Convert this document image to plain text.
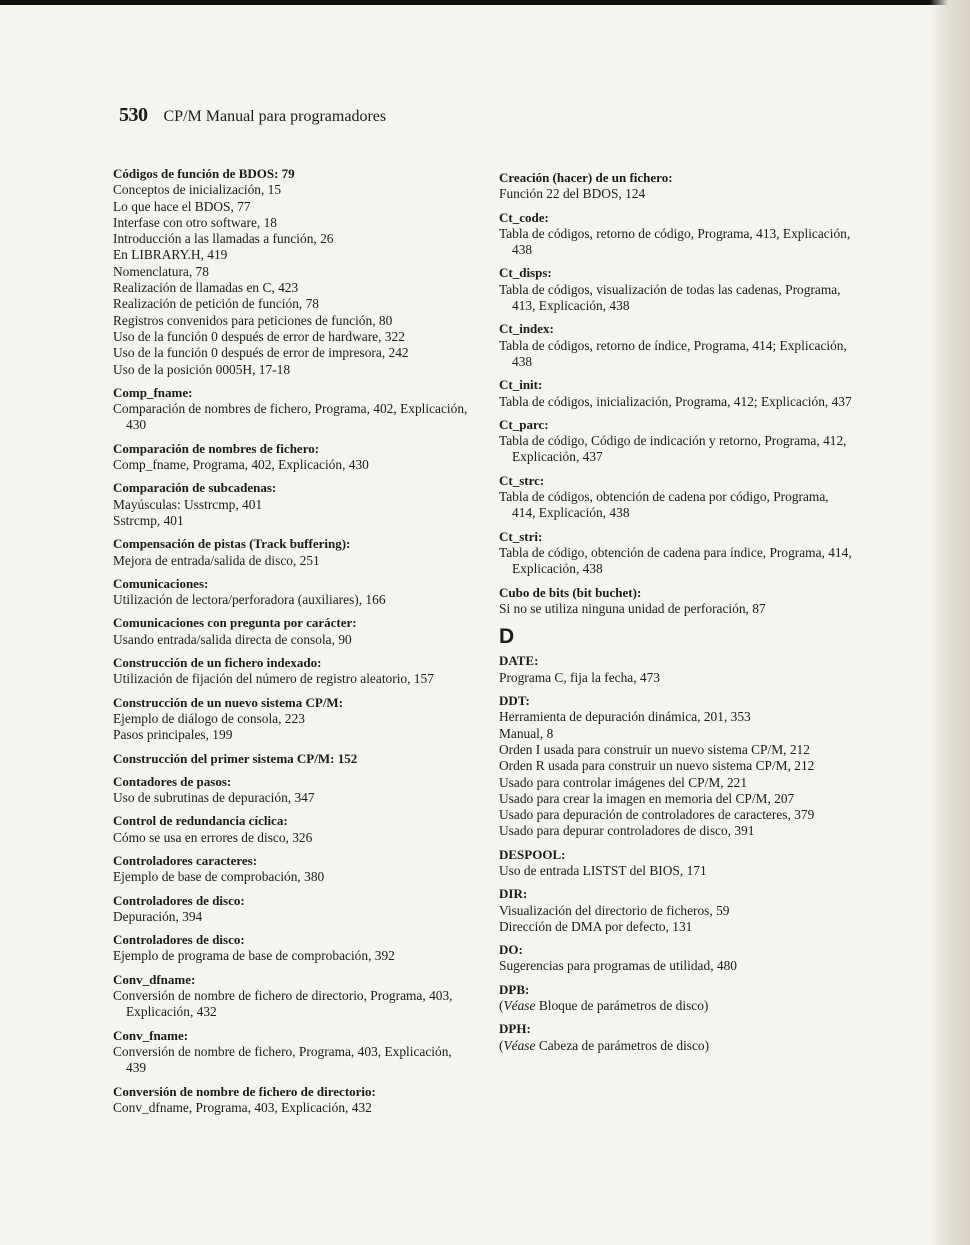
530 CP/M Manual para programadores
Códigos de función de BDOS: 79
Conceptos de inicialización, 15
Lo que hace el BDOS, 77
Interfase con otro software, 18
Introducción a las llamadas a función, 26
En LIBRARY.H, 419
Nomenclatura, 78
Realización de llamadas en C, 423
Realización de petición de función, 78
Registros convenidos para peticiones de función, 80
Uso de la función 0 después de error de hardware, 322
Uso de la función 0 después de error de impresora, 242
Uso de la posición 0005H, 17-18
Comp_fname:
Comparación de nombres de fichero, Programa, 402, Explicación, 430
Comparación de nombres de fichero:
Comp_fname, Programa, 402, Explicación, 430
Comparación de subcadenas:
Mayúsculas: Usstrcmp, 401
Sstrcmp, 401
Compensación de pistas (Track buffering):
Mejora de entrada/salida de disco, 251
Comunicaciones:
Utilización de lectora/perforadora (auxiliares), 166
Comunicaciones con pregunta por carácter:
Usando entrada/salida directa de consola, 90
Construcción de un fichero indexado:
Utilización de fijación del número de registro aleatorio, 157
Construcción de un nuevo sistema CP/M:
Ejemplo de diálogo de consola, 223
Pasos principales, 199
Construcción del primer sistema CP/M: 152
Contadores de pasos:
Uso de subrutinas de depuración, 347
Control de redundancia cíclica:
Cómo se usa en errores de disco, 326
Controladores caracteres:
Ejemplo de base de comprobación, 380
Controladores de disco:
Depuración, 394
Controladores de disco:
Ejemplo de programa de base de comprobación, 392
Conv_dfname:
Conversión de nombre de fichero de directorio, Programa, 403, Explicación, 432
Conv_fname:
Conversión de nombre de fichero, Programa, 403, Explicación, 439
Conversión de nombre de fichero de directorio:
Conv_dfname, Programa, 403, Explicación, 432
Creación (hacer) de un fichero:
Función 22 del BDOS, 124
Ct_code:
Tabla de códigos, retorno de código, Programa, 413, Explicación, 438
Ct_disps:
Tabla de códigos, visualización de todas las cadenas, Programa, 413, Explicación, 438
Ct_index:
Tabla de códigos, retorno de índice, Programa, 414; Explicación, 438
Ct_init:
Tabla de códigos, inicialización, Programa, 412; Explicación, 437
Ct_parc:
Tabla de código, Código de indicación y retorno, Programa, 412, Explicación, 437
Ct_strc:
Tabla de códigos, obtención de cadena por código, Programa, 414, Explicación, 438
Ct_stri:
Tabla de código, obtención de cadena para índice, Programa, 414, Explicación, 438
Cubo de bits (bit buchet):
Si no se utiliza ninguna unidad de perforación, 87
D
DATE:
Programa C, fija la fecha, 473
DDT:
Herramienta de depuración dinámica, 201, 353
Manual, 8
Orden I usada para construir un nuevo sistema CP/M, 212
Orden R usada para construir un nuevo sistema CP/M, 212
Usado para controlar imágenes del CP/M, 221
Usado para crear la imagen en memoria del CP/M, 207
Usado para depuración de controladores de caracteres, 379
Usado para depurar controladores de disco, 391
DESPOOL:
Uso de entrada LISTST del BIOS, 171
DIR:
Visualización del directorio de ficheros, 59
Dirección de DMA por defecto, 131
DO:
Sugerencias para programas de utilidad, 480
DPB:
(Véase Bloque de parámetros de disco)
DPH:
(Véase Cabeza de parámetros de disco)
